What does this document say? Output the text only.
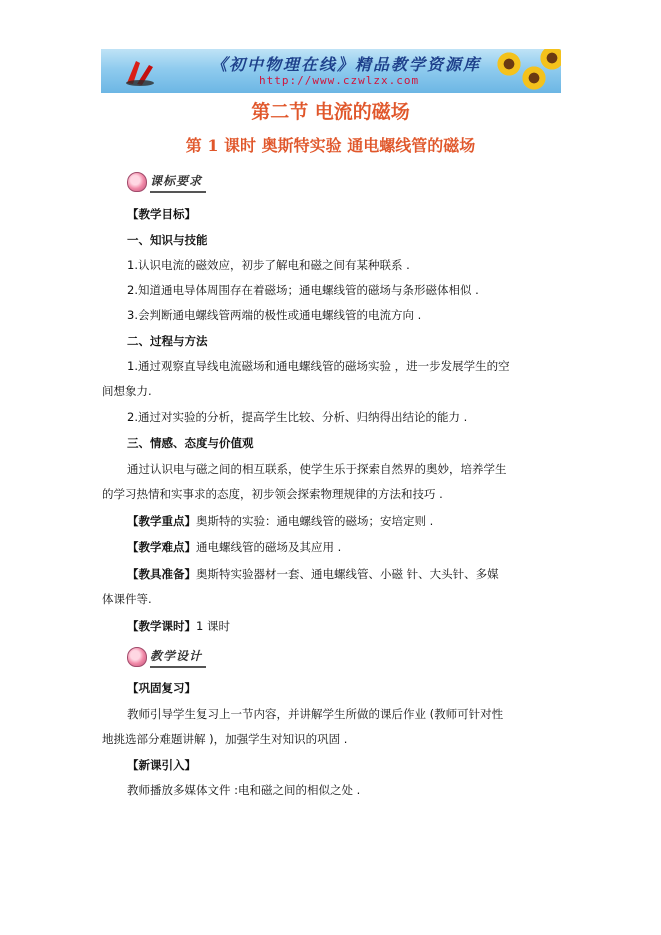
《初中物理在线》精品教学资源库
http://www.czwlzx.com
第二节 电流的磁场
第 1 课时 奥斯特实验 通电螺线管的磁场
课标要求
【教学目标】
一、知识与技能
1.认识电流的磁效应，初步了解电和磁之间有某种联系 .
2.知道通电导体周围存在着磁场；通电螺线管的磁场与条形磁体相似 .
3.会判断通电螺线管两端的极性或通电螺线管的电流方向 .
二、过程与方法
1.通过观察直导线电流磁场和通电螺线管的磁场实验 ，进一步发展学生的空
间想象力.
2.通过对实验的分析，提高学生比较、分析、归纳得出结论的能力 .
三、情感、态度与价值观
通过认识电与磁之间的相互联系，使学生乐于探索自然界的奥妙，培养学生
的学习热情和实事求的态度，初步领会探索物理规律的方法和技巧 .
【教学重点】奥斯特的实验：通电螺线管的磁场；安培定则 .
【教学难点】通电螺线管的磁场及其应用 .
【教具准备】奥斯特实验器材一套、通电螺线管、小磁 针、大头针、多媒
体课件等.
【教学课时】1 课时
教学设计
【巩固复习】
教师引导学生复习上一节内容，并讲解学生所做的课后作业 (教师可针对性
地挑选部分难题讲解 )，加强学生对知识的巩固 .
【新课引入】
教师播放多媒体文件 :电和磁之间的相似之处 .
